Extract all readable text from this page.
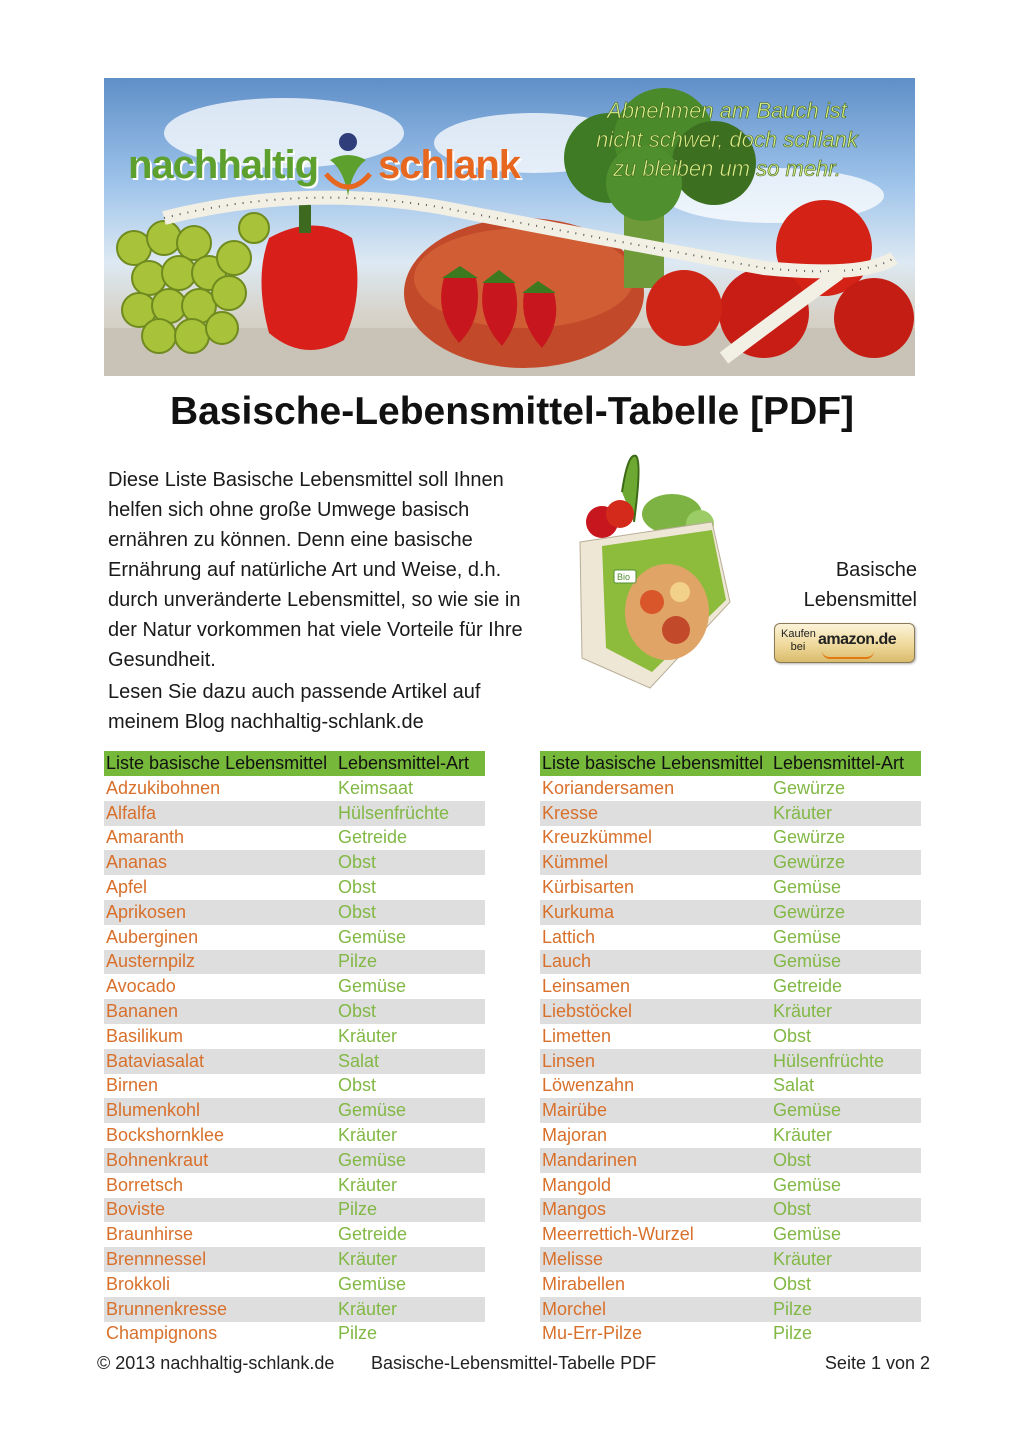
nachhaltig schlank
Abnehmen am Bauch ist
nicht schwer, doch schlank
zu bleiben um so mehr.
Basische-Lebensmittel-Tabelle [PDF]

Diese Liste Basische Lebensmittel soll Ihnen helfen sich ohne große Umwege basisch ernähren zu können. Denn eine basische Ernährung auf natürliche Art und Weise, d.h. durch unveränderte Lebensmittel, so wie sie in der Natur vorkommen hat viele Vorteile für Ihre Gesundheit.

Lesen Sie dazu auch passende Artikel auf meinem Blog nachhaltig-schlank.de

Bio	Basische
Lebensmittel
Kaufen
bei amazon.de
Liste basische Lebensmittel	Lebensmittel-Art
Adzukibohnen	Keimsaat
Alfalfa	Hülsenfrüchte
Amaranth	Getreide
Ananas	Obst
Apfel	Obst
Aprikosen	Obst
Auberginen	Gemüse
Austernpilz	Pilze
Avocado	Gemüse
Bananen	Obst
Basilikum	Kräuter
Bataviasalat	Salat
Birnen	Obst
Blumenkohl	Gemüse
Bockshornklee	Kräuter
Bohnenkraut	Gemüse
Borretsch	Kräuter
Boviste	Pilze
Braunhirse	Getreide
Brennnessel	Kräuter
Brokkoli	Gemüse
Brunnenkresse	Kräuter
Champignons	Pilze
Liste basische Lebensmittel	Lebensmittel-Art
Koriandersamen	Gewürze
Kresse	Kräuter
Kreuzkümmel	Gewürze
Kümmel	Gewürze
Kürbisarten	Gemüse
Kurkuma	Gewürze
Lattich	Gemüse
Lauch	Gemüse
Leinsamen	Getreide
Liebstöckel	Kräuter
Limetten	Obst
Linsen	Hülsenfrüchte
Löwenzahn	Salat
Mairübe	Gemüse
Majoran	Kräuter
Mandarinen	Obst
Mangold	Gemüse
Mangos	Obst
Meerrettich-Wurzel	Gemüse
Melisse	Kräuter
Mirabellen	Obst
Morchel	Pilze
Mu-Err-Pilze	Pilze
© 2013 nachhaltig-schlank.de Basische-Lebensmittel-Tabelle PDF	Seite 1 von 2
